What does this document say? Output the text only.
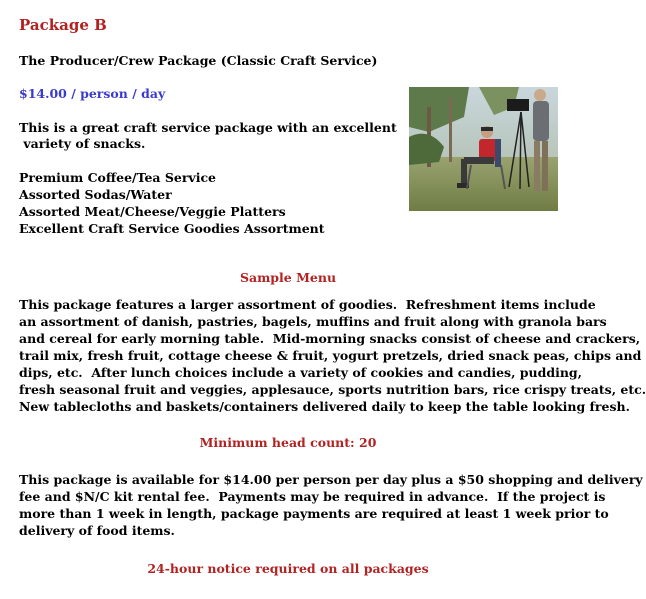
Package B
The Producer/Crew Package (Classic Craft Service)
$14.00 / person / day
This is a great craft service package with an excellent
variety of snacks.
Premium Coffee/Tea Service
Assorted Sodas/Water
Assorted Meat/Cheese/Veggie Platters
Excellent Craft Service Goodies Assortment
Sample Menu
This package features a larger assortment of goodies.  Refreshment items include
an assortment of danish, pastries, bagels, muffins and fruit along with granola bars
and cereal for early morning table.  Mid-morning snacks consist of cheese and crackers,
trail mix, fresh fruit, cottage cheese & fruit, yogurt pretzels, dried snack peas, chips and
dips, etc.  After lunch choices include a variety of cookies and candies, pudding,
fresh seasonal fruit and veggies, applesauce, sports nutrition bars, rice crispy treats, etc.
New tablecloths and baskets/containers delivered daily to keep the table looking fresh.
Minimum head count: 20
This package is available for $14.00 per person per day plus a $50 shopping and delivery
fee and $N/C kit rental fee.  Payments may be required in advance.  If the project is
more than 1 week in length, package payments are required at least 1 week prior to
delivery of food items.
24-hour notice required on all packages
